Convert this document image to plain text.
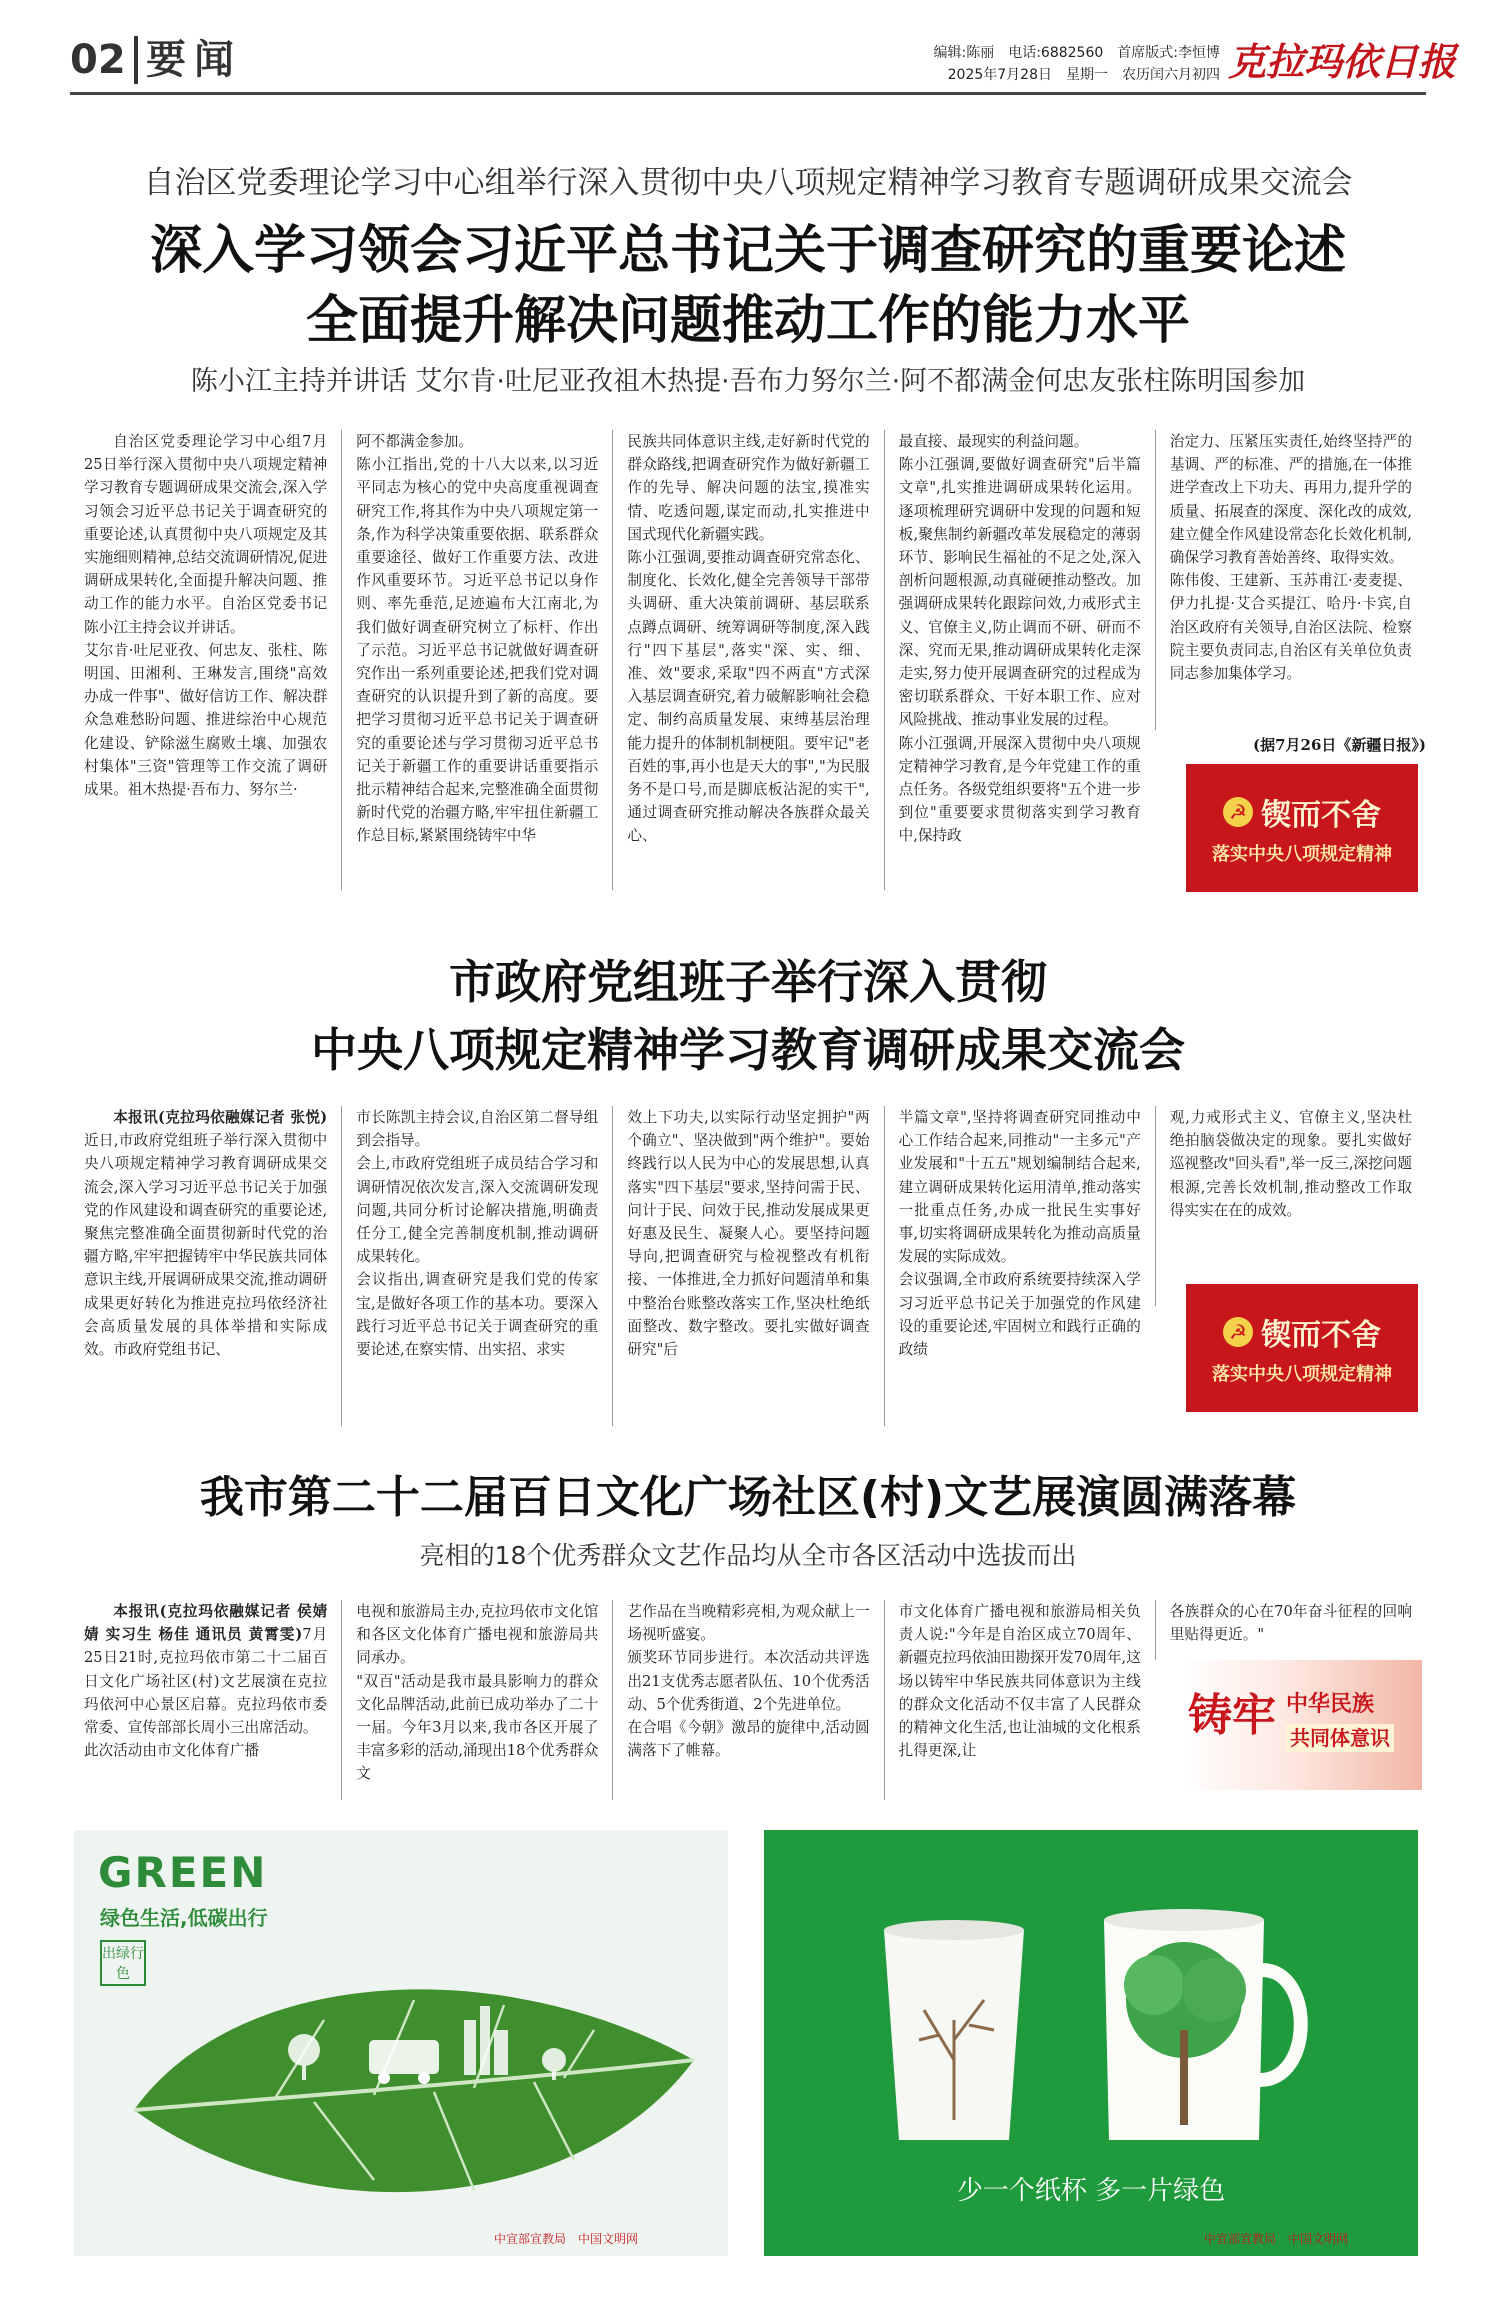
02 要闻	编辑:陈丽　电话:6882560　首席版式:李恒博
2025年7月28日　星期一　农历闰六月初四 克拉玛依日报
自治区党委理论学习中心组举行深入贯彻中央八项规定精神学习教育专题调研成果交流会
深入学习领会习近平总书记关于调查研究的重要论述
全面提升解决问题推动工作的能力水平
陈小江主持并讲话 艾尔肯·吐尼亚孜祖木热提·吾布力努尔兰·阿不都满金何忠友张柱陈明国参加

自治区党委理论学习中心组7月25日举行深入贯彻中央八项规定精神学习教育专题调研成果交流会,深入学习领会习近平总书记关于调查研究的重要论述,认真贯彻中央八项规定及其实施细则精神,总结交流调研情况,促进调研成果转化,全面提升解决问题、推动工作的能力水平。自治区党委书记陈小江主持会议并讲话。
艾尔肯·吐尼亚孜、何忠友、张柱、陈明国、田湘利、王琳发言,围绕"高效办成一件事"、做好信访工作、解决群众急难愁盼问题、推进综治中心规范化建设、铲除滋生腐败土壤、加强农村集体"三资"管理等工作交流了调研成果。祖木热提·吾布力、努尔兰·

阿不都满金参加。
陈小江指出,党的十八大以来,以习近平同志为核心的党中央高度重视调查研究工作,将其作为中央八项规定第一条,作为科学决策重要依据、联系群众重要途径、做好工作重要方法、改进作风重要环节。习近平总书记以身作则、率先垂范,足迹遍布大江南北,为我们做好调查研究树立了标杆、作出了示范。习近平总书记就做好调查研究作出一系列重要论述,把我们党对调查研究的认识提升到了新的高度。要把学习贯彻习近平总书记关于调查研究的重要论述与学习贯彻习近平总书记关于新疆工作的重要讲话重要指示批示精神结合起来,完整准确全面贯彻新时代党的治疆方略,牢牢扭住新疆工作总目标,紧紧围绕铸牢中华

民族共同体意识主线,走好新时代党的群众路线,把调查研究作为做好新疆工作的先导、解决问题的法宝,摸准实情、吃透问题,谋定而动,扎实推进中国式现代化新疆实践。
陈小江强调,要推动调查研究常态化、制度化、长效化,健全完善领导干部带头调研、重大决策前调研、基层联系点蹲点调研、统筹调研等制度,深入践行"四下基层",落实"深、实、细、准、效"要求,采取"四不两直"方式深入基层调查研究,着力破解影响社会稳定、制约高质量发展、束缚基层治理能力提升的体制机制梗阻。要牢记"老百姓的事,再小也是天大的事","为民服务不是口号,而是脚底板沾泥的实干",通过调查研究推动解决各族群众最关心、

最直接、最现实的利益问题。
陈小江强调,要做好调查研究"后半篇文章",扎实推进调研成果转化运用。逐项梳理研究调研中发现的问题和短板,聚焦制约新疆改革发展稳定的薄弱环节、影响民生福祉的不足之处,深入剖析问题根源,动真碰硬推动整改。加强调研成果转化跟踪问效,力戒形式主义、官僚主义,防止调而不研、研而不深、究而无果,推动调研成果转化走深走实,努力使开展调查研究的过程成为密切联系群众、干好本职工作、应对风险挑战、推动事业发展的过程。
陈小江强调,开展深入贯彻中央八项规定精神学习教育,是今年党建工作的重点任务。各级党组织要将"五个进一步到位"重要要求贯彻落实到学习教育中,保持政

治定力、压紧压实责任,始终坚持严的基调、严的标准、严的措施,在一体推进学查改上下功夫、再用力,提升学的质量、拓展查的深度、深化改的成效,建立健全作风建设常态化长效化机制,确保学习教育善始善终、取得实效。
陈伟俊、王建新、玉苏甫江·麦麦提、伊力扎提·艾合买提江、哈丹·卡宾,自治区政府有关领导,自治区法院、检察院主要负责同志,自治区有关单位负责同志参加集体学习。

(据7月26日《新疆日报》)
☭ 锲而不舍
落实中央八项规定精神
市政府党组班子举行深入贯彻
中央八项规定精神学习教育调研成果交流会

本报讯(克拉玛依融媒记者 张悦)近日,市政府党组班子举行深入贯彻中央八项规定精神学习教育调研成果交流会,深入学习习近平总书记关于加强党的作风建设和调查研究的重要论述,聚焦完整准确全面贯彻新时代党的治疆方略,牢牢把握铸牢中华民族共同体意识主线,开展调研成果交流,推动调研成果更好转化为推进克拉玛依经济社会高质量发展的具体举措和实际成效。市政府党组书记、

市长陈凯主持会议,自治区第二督导组到会指导。
会上,市政府党组班子成员结合学习和调研情况依次发言,深入交流调研发现问题,共同分析讨论解决措施,明确责任分工,健全完善制度机制,推动调研成果转化。
会议指出,调查研究是我们党的传家宝,是做好各项工作的基本功。要深入践行习近平总书记关于调查研究的重要论述,在察实情、出实招、求实

效上下功夫,以实际行动坚定拥护"两个确立"、坚决做到"两个维护"。要始终践行以人民为中心的发展思想,认真落实"四下基层"要求,坚持问需于民、问计于民、问效于民,推动发展成果更好惠及民生、凝聚人心。要坚持问题导向,把调查研究与检视整改有机衔接、一体推进,全力抓好问题清单和集中整治台账整改落实工作,坚决杜绝纸面整改、数字整改。要扎实做好调查研究"后

半篇文章",坚持将调查研究同推动中心工作结合起来,同推动"一主多元"产业发展和"十五五"规划编制结合起来,建立调研成果转化运用清单,推动落实一批重点任务,办成一批民生实事好事,切实将调研成果转化为推动高质量发展的实际成效。
会议强调,全市政府系统要持续深入学习习近平总书记关于加强党的作风建设的重要论述,牢固树立和践行正确的政绩

观,力戒形式主义、官僚主义,坚决杜绝拍脑袋做决定的现象。要扎实做好巡视整改"回头看",举一反三,深挖问题根源,完善长效机制,推动整改工作取得实实在在的成效。

☭ 锲而不舍
落实中央八项规定精神
我市第二十二届百日文化广场社区(村)文艺展演圆满落幕
亮相的18个优秀群众文艺作品均从全市各区活动中选拔而出

本报讯(克拉玛依融媒记者 侯婧婧 实习生 杨佳 通讯员 黄霄雯)7月25日21时,克拉玛依市第二十二届百日文化广场社区(村)文艺展演在克拉玛依河中心景区启幕。克拉玛依市委常委、宣传部部长周小三出席活动。
此次活动由市文化体育广播

电视和旅游局主办,克拉玛依市文化馆和各区文化体育广播电视和旅游局共同承办。
"双百"活动是我市最具影响力的群众文化品牌活动,此前已成功举办了二十一届。今年3月以来,我市各区开展了丰富多彩的活动,涌现出18个优秀群众文

艺作品在当晚精彩亮相,为观众献上一场视听盛宴。
颁奖环节同步进行。本次活动共评选出21支优秀志愿者队伍、10个优秀活动、5个优秀街道、2个先进单位。
在合唱《今朝》激昂的旋律中,活动圆满落下了帷幕。

市文化体育广播电视和旅游局相关负责人说:"今年是自治区成立70周年、新疆克拉玛依油田勘探开发70周年,这场以铸牢中华民族共同体意识为主线的群众文化活动不仅丰富了人民群众的精神文化生活,也让油城的文化根系扎得更深,让

各族群众的心在70年奋斗征程的回响里贴得更近。"

铸牢 中华民族
共同体意识
GREEN
绿色生活,低碳出行
出绿行色
中宣部宣教局　中国文明网
少一个纸杯 多一片绿色
中宣部宣教局　中国文明网
